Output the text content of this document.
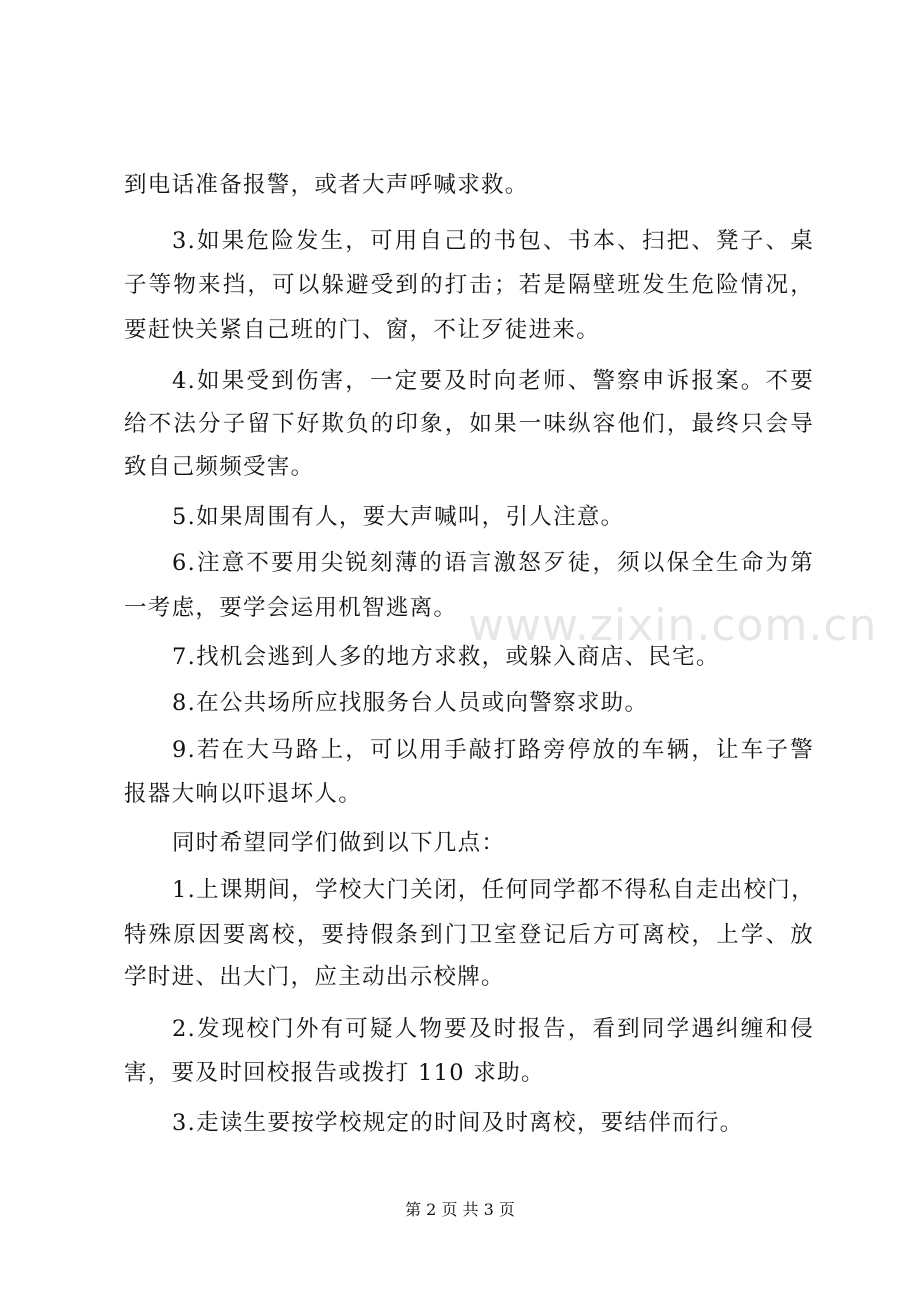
www.zixin.com.cn
到电话准备报警，或者大声呼喊求救。
3.如果危险发生，可用自己的书包、书本、扫把、凳子、桌
子等物来挡，可以躲避受到的打击；若是隔壁班发生危险情况，
要赶快关紧自己班的门、窗，不让歹徒进来。
4.如果受到伤害，一定要及时向老师、警察申诉报案。不要
给不法分子留下好欺负的印象，如果一味纵容他们，最终只会导
致自己频频受害。
5.如果周围有人，要大声喊叫，引人注意。
6.注意不要用尖锐刻薄的语言激怒歹徒，须以保全生命为第
一考虑，要学会运用机智逃离。
7.找机会逃到人多的地方求救，或躲入商店、民宅。
8.在公共场所应找服务台人员或向警察求助。
9.若在大马路上，可以用手敲打路旁停放的车辆，让车子警
报器大响以吓退坏人。
同时希望同学们做到以下几点：
1.上课期间，学校大门关闭，任何同学都不得私自走出校门，
特殊原因要离校，要持假条到门卫室登记后方可离校，上学、放
学时进、出大门，应主动出示校牌。
2.发现校门外有可疑人物要及时报告，看到同学遇纠缠和侵
害，要及时回校报告或拨打 110 求助。
3.走读生要按学校规定的时间及时离校，要结伴而行。
第 2 页 共 3 页
